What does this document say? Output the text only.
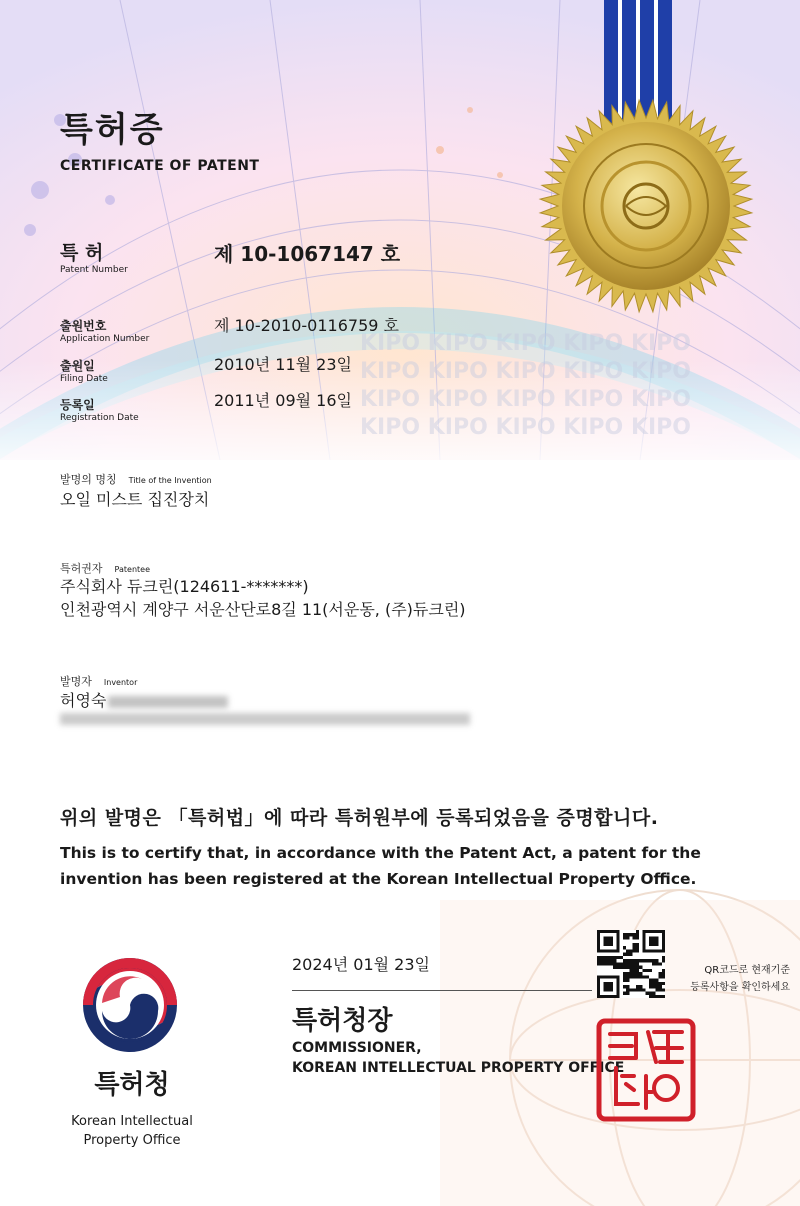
KIPO KIPO KIPO KIPO KIPO
KIPO KIPO KIPO KIPO KIPO
KIPO KIPO KIPO KIPO KIPO
KIPO KIPO KIPO KIPO KIPO
특허증
CERTIFICATE OF PATENT
특 허
Patent Number
제 10-1067147 호
출원번호
Application Number
제 10-2010-0116759 호
출원일
Filing Date
2010년 11월 23일
등록일
Registration Date
2011년 09월 16일
발명의 명칭 Title of the Invention
오일 미스트 집진장치
특허권자 Patentee
주식회사 듀크린(124611-*******)
인천광역시 계양구 서운산단로8길 11(서운동, (주)듀크린)
발명자 Inventor
허영숙
위의 발명은 「특허법」에 따라 특허원부에 등록되었음을 증명합니다.
This is to certify that, in accordance with the Patent Act, a patent for the
invention has been registered at the Korean Intellectual Property Office.
2024년 01월 23일
특허청장
COMMISSIONER,
KOREAN INTELLECTUAL PROPERTY OFFICE
QR코드로 현재기준
등록사항을 확인하세요
특허청
Korean Intellectual
Property Office
